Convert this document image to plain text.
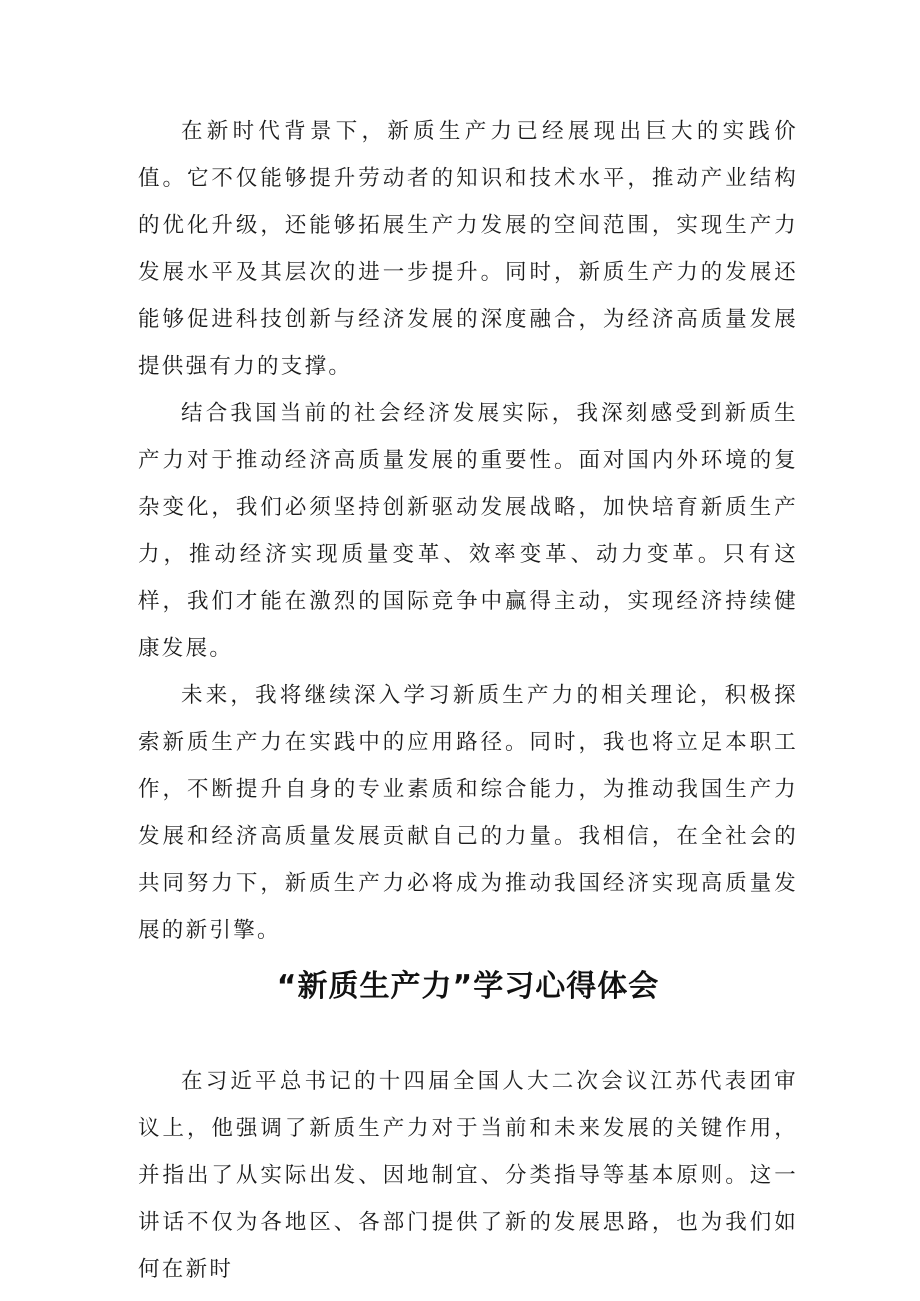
在新时代背景下，新质生产力已经展现出巨大的实践价值。它不仅能够提升劳动者的知识和技术水平，推动产业结构的优化升级，还能够拓展生产力发展的空间范围，实现生产力发展水平及其层次的进一步提升。同时，新质生产力的发展还能够促进科技创新与经济发展的深度融合，为经济高质量发展提供强有力的支撑。

结合我国当前的社会经济发展实际，我深刻感受到新质生产力对于推动经济高质量发展的重要性。面对国内外环境的复杂变化，我们必须坚持创新驱动发展战略，加快培育新质生产力，推动经济实现质量变革、效率变革、动力变革。只有这样，我们才能在激烈的国际竞争中赢得主动，实现经济持续健康发展。

未来，我将继续深入学习新质生产力的相关理论，积极探索新质生产力在实践中的应用路径。同时，我也将立足本职工作，不断提升自身的专业素质和综合能力，为推动我国生产力发展和经济高质量发展贡献自己的力量。我相信，在全社会的共同努力下，新质生产力必将成为推动我国经济实现高质量发展的新引擎。

“新质生产力”学习心得体会

在习近平总书记的十四届全国人大二次会议江苏代表团审议上，他强调了新质生产力对于当前和未来发展的关键作用，并指出了从实际出发、因地制宜、分类指导等基本原则。这一讲话不仅为各地区、各部门提供了新的发展思路，也为我们如何在新时
